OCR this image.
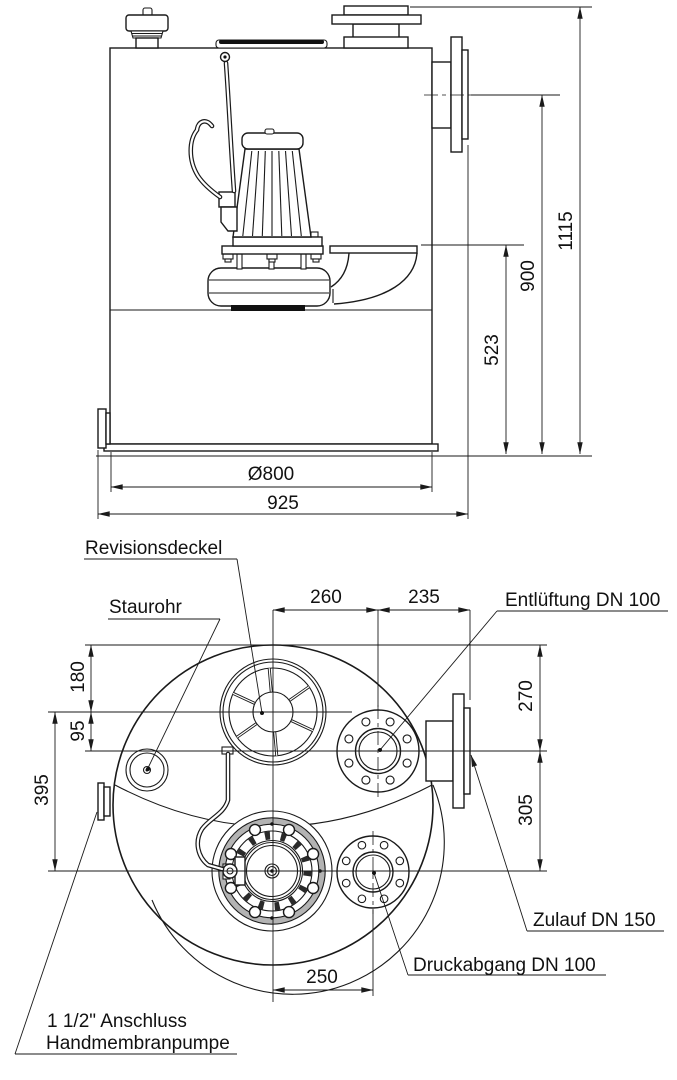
523
900
1115
Ø800
925
260	235
180
95
395
270
305
250
Revisionsdeckel
Staurohr	Entlüftung DN 100
Zulauf DN 150
Druckabgang DN 100
1 1/2" Anschluss
Handmembranpumpe
